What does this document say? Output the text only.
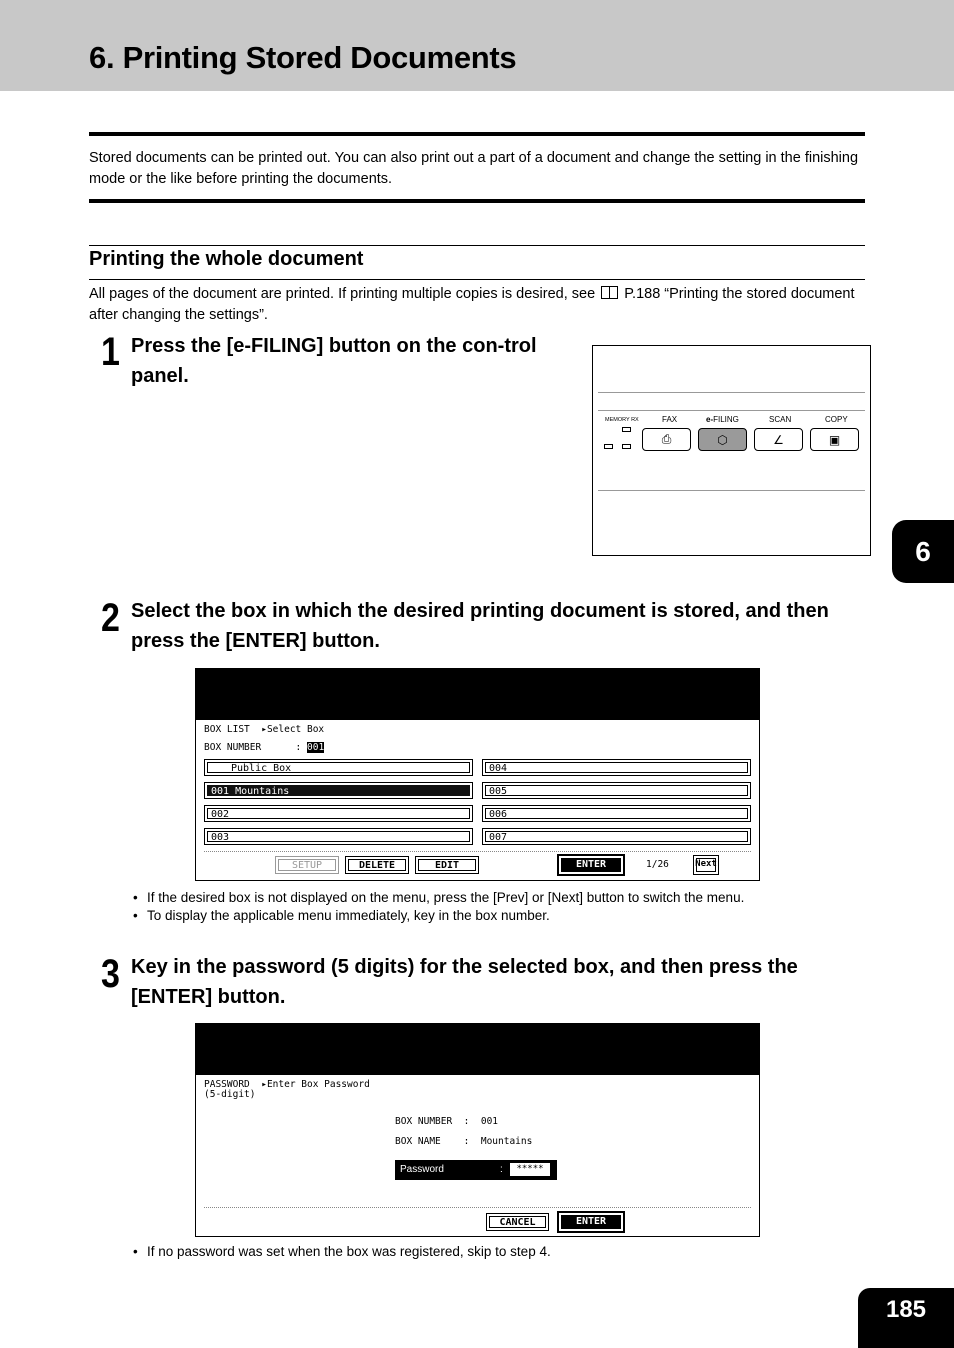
6. Printing Stored Documents
Stored documents can be printed out. You can also print out a part of a document and change the setting in the finishing mode or the like before printing the documents.
Printing the whole document
All pages of the document are printed. If printing multiple copies is desired, see P.188 “Printing the stored document after changing the settings”.
1 Press the [e-FILING] button on the con-trol panel.
MEMORY RX	FAX
⎙
e-FILING
⬡
SCAN
∠
COPY
▣
6
2 Select the box in which the desired printing document is stored, and then press the [ENTER] button.
BOX LIST  ▸Select Box
BOX NUMBER	: 001
Public Box
001 Mountains
002
003
004
005
006
007
SETUP	DELETE	EDIT	ENTER	1/26	Next
• If the desired box is not displayed on the menu, press the [Prev] or [Next] button to switch the menu.
• To display the applicable menu immediately, key in the box number.
3 Key in the password (5 digits) for the selected box, and then press the [ENTER] button.
PASSWORD  ▸Enter Box Password
(5-digit)
BOX NUMBER : 001
BOX NAME : Mountains
Password	:	*****
CANCEL	ENTER
• If no password was set when the box was registered, skip to step 4.
185
